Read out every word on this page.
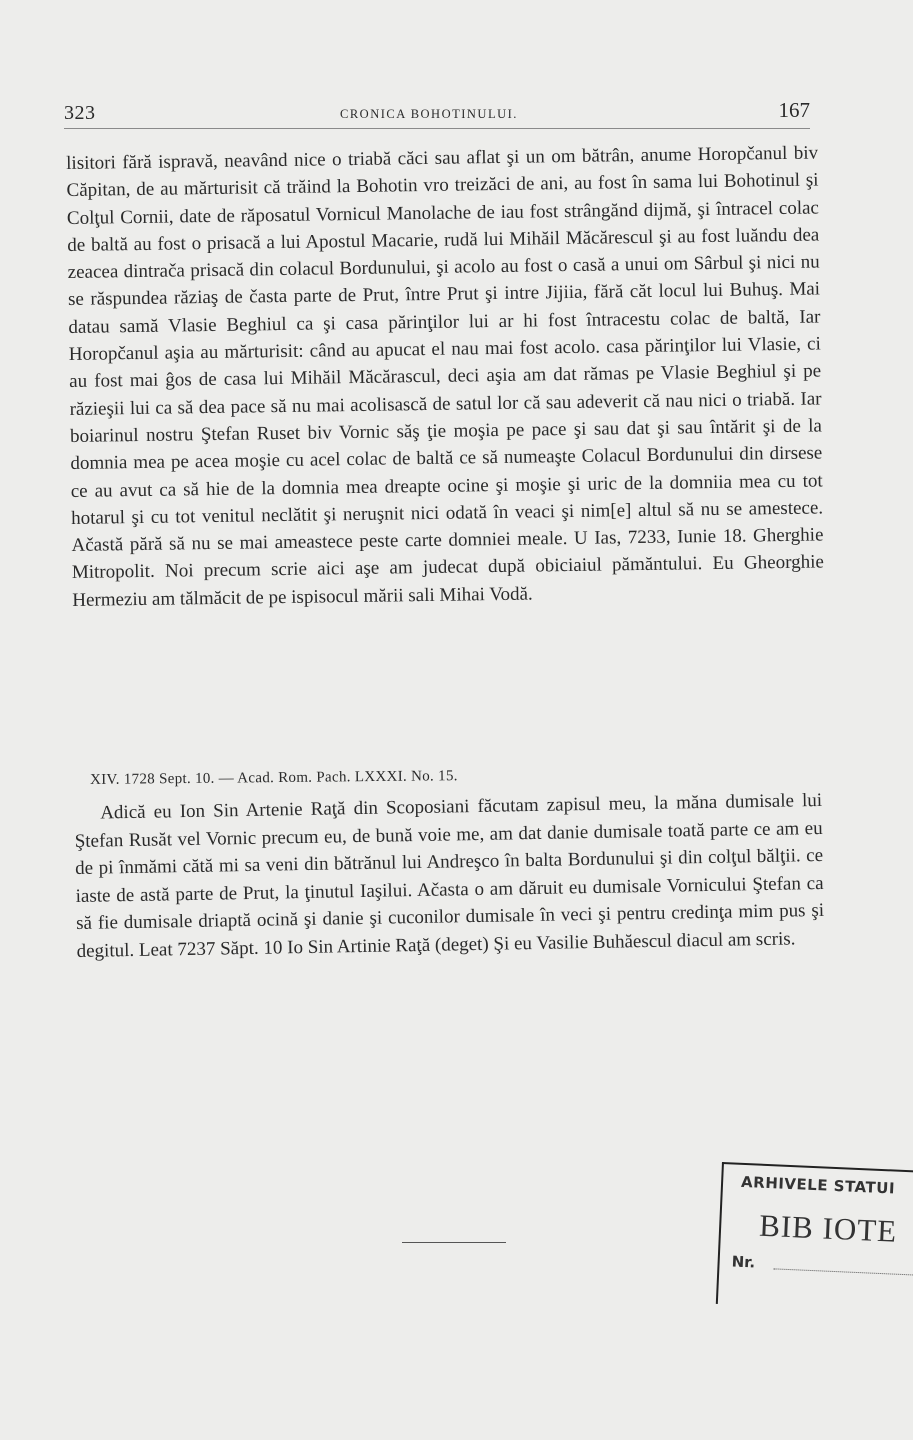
323	CRONICA BOHOTINULUI.	167

lisitori fără ispravă, neavând nice o triabă căci sau aflat şi un om bătrân, anume Horopčanul biv Căpitan, de au mărturisit că trăind la Bohotin vro treizăci de ani, au fost în sama lui Bohotinul şi Colţul Cornii, date de răposatul Vornicul Manolache de iau fost strângănd dijmă, şi întracel colac de baltă au fost o prisacă a lui Apostul Macarie, rudă lui Mihăil Măcărescul şi au fost luăndu dea zeacea dintrača prisacă din colacul Bordunului, şi acolo au fost o casă a unui om Sârbul şi nici nu se răspundea răziaş de časta parte de Prut, între Prut şi intre Jijiia, fără căt locul lui Buhuş. Mai datau samă Vlasie Beghiul ca şi casa părinţilor lui ar hi fost întracestu colac de baltă, Iar Horopčanul aşia au mărturisit: când au apucat el nau mai fost acolo. casa părinţilor lui Vlasie, ci au fost mai ĝos de casa lui Mihăil Măcărascul, deci aşia am dat rămas pe Vlasie Beghiul şi pe răzieşii lui ca să dea pace să nu mai acolisască de satul lor că sau adeverit că nau nici o triabă. Iar boiarinul nostru Ştefan Ruset biv Vornic săş ţie moşia pe pace şi sau dat şi sau întărit şi de la domnia mea pe acea moşie cu acel colac de baltă ce să numeaşte Colacul Bordunului din dirsese ce au avut ca să hie de la domnia mea dreapte ocine şi moşie şi uric de la domniia mea cu tot hotarul şi cu tot venitul neclătit şi neruşnit nici odată în veaci şi nim[e] altul să nu se amestece. Ačastă pără să nu se mai ameastece peste carte domniei meale. U Ias, 7233, Iunie 18. Gherghie Mitropolit. Noi precum scrie aici aşe am judecat după obiciaiul pămăntului. Eu Gheorghie Hermeziu am tălmăcit de pe ispisocul mării sali Mihai Vodă.

XIV. 1728 Sept. 10. — Acad. Rom. Pach. LXXXI. No. 15.

Adică eu Ion Sin Artenie Raţă din Scoposiani făcutam zapisul meu, la măna dumisale lui Ştefan Rusăt vel Vornic precum eu, de bună voie me, am dat danie dumisale toată parte ce am eu de pi înmămi cătă mi sa veni din bătrănul lui Andreşco în balta Bordunului şi din colţul bălţii. ce iaste de astă parte de Prut, la ţinutul Iaşilui. Ačasta o am dăruit eu dumisale Vornicului Ştefan ca să fie dumisale driaptă ocină şi danie şi cuconilor dumisale în veci şi pentru credinţa mim pus şi degitul. Leat 7237 Săpt. 10 Io Sin Artinie Raţă (deget) Şi eu Vasilie Buhăescul diacul am scris.

ARHIVELE STATUI
BIB IOTE
Nr.
